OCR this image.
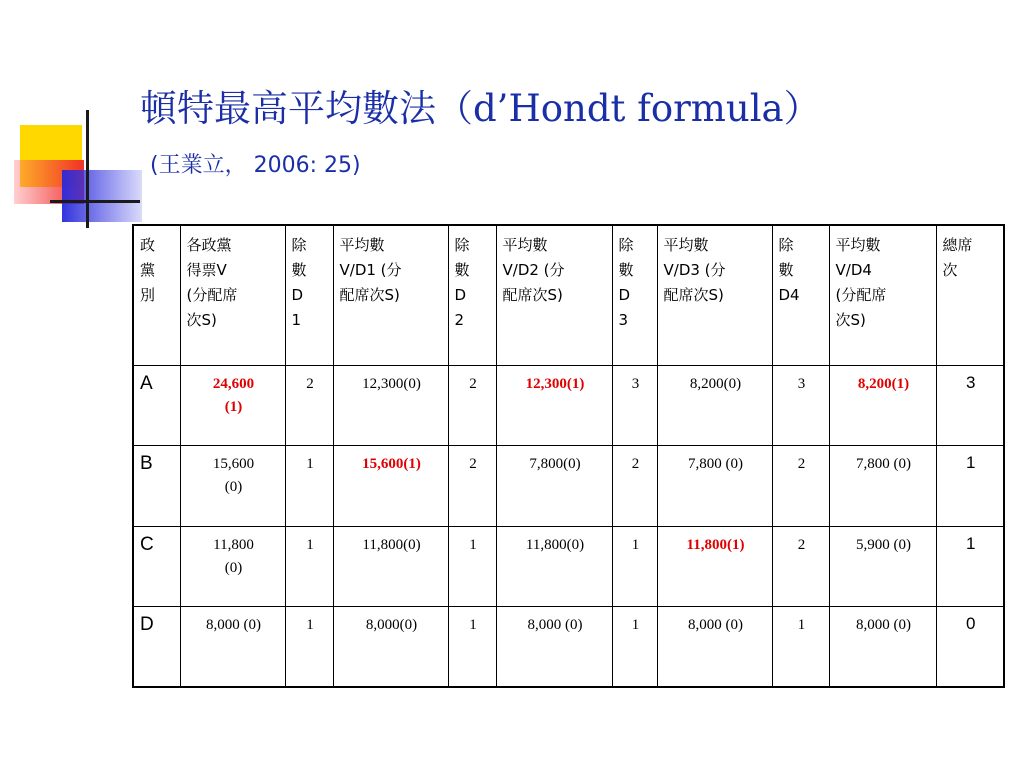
頓特最高平均數法（d’Hondt formula）
(王業立， 2006: 25)
政
黨
別	各政黨
得票V
(分配席
次S)	除
數
D
1	平均數
V/D1 (分
配席次S)	除
數
D
2	平均數
V/D2 (分
配席次S)	除
數
D
3	平均數
V/D3 (分
配席次S)	除
數
D4	平均數
V/D4
(分配席
次S)	總席
次
A	24,600
(1)	2	12,300(0)	2	12,300(1)	3	8,200(0)	3	8,200(1)	3
B	15,600
(0)	1	15,600(1)	2	7,800(0)	2	7,800 (0)	2	7,800 (0)	1
C	11,800
(0)	1	11,800(0)	1	11,800(0)	1	11,800(1)	2	5,900 (0)	1
D	8,000 (0)	1	8,000(0)	1	8,000 (0)	1	8,000 (0)	1	8,000 (0)	0
